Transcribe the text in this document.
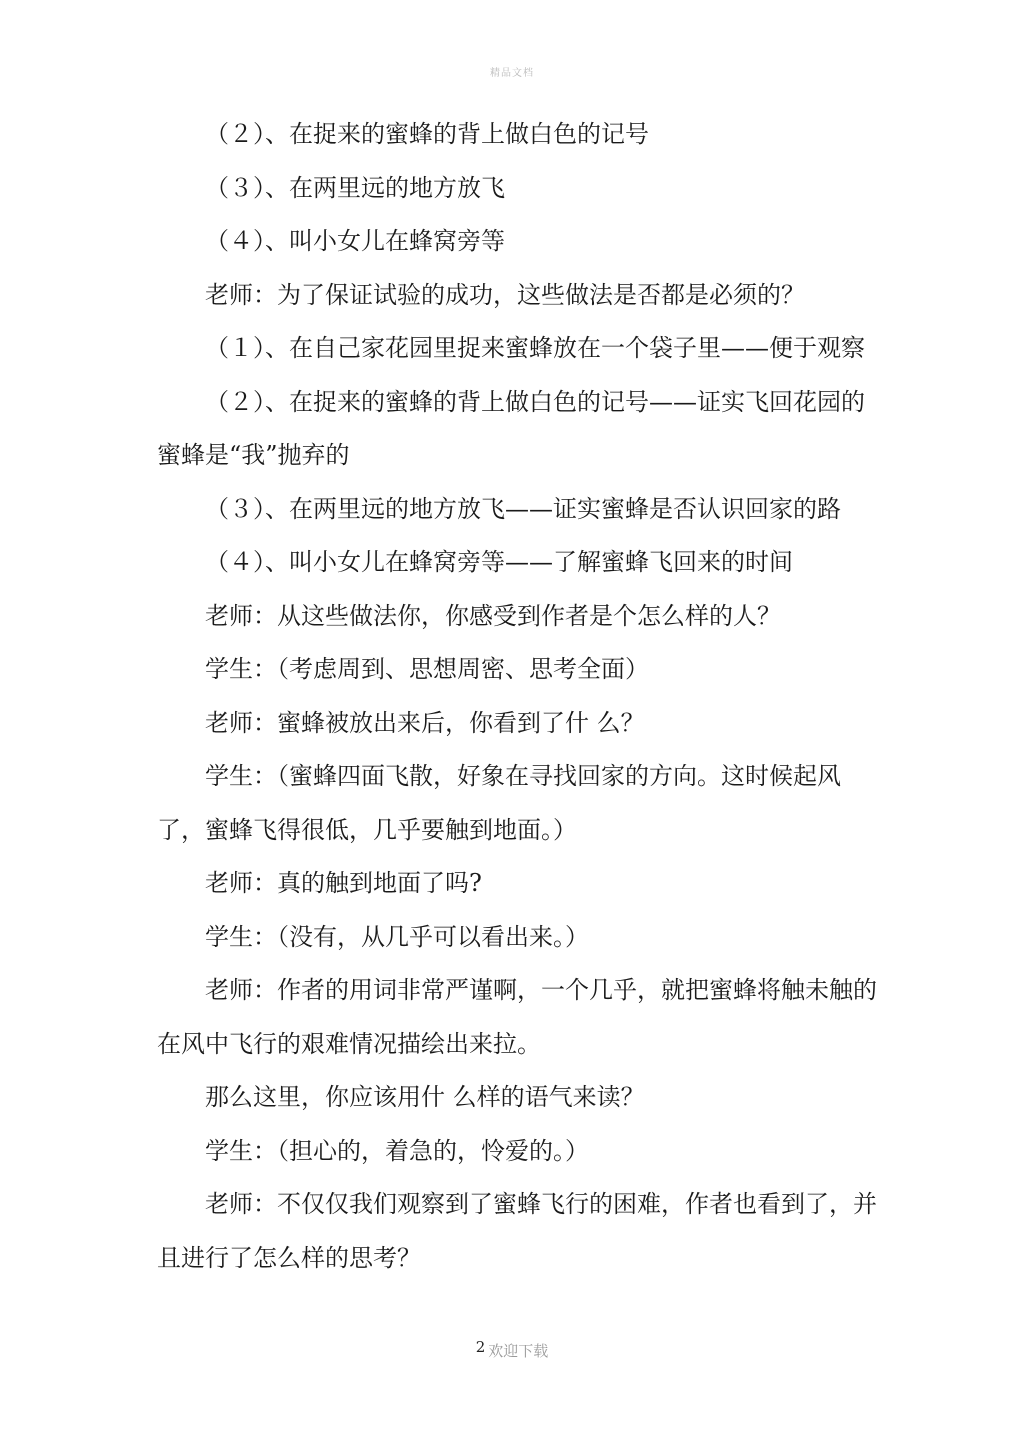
精品文档

（２）、在捉来的蜜蜂的背上做白色的记号

（３）、在两里远的地方放飞

（４）、叫小女儿在蜂窝旁等

老师：为了保证试验的成功，这些做法是否都是必须的？

（１）、在自己家花园里捉来蜜蜂放在一个袋子里——便于观察

（２）、在捉来的蜜蜂的背上做白色的记号——证实飞回花园的蜜蜂是“我”抛弃的

（３）、在两里远的地方放飞——证实蜜蜂是否认识回家的路

（４）、叫小女儿在蜂窝旁等——了解蜜蜂飞回来的时间

老师：从这些做法你，你感受到作者是个怎么样的人？

学生：（考虑周到、思想周密、思考全面）

老师：蜜蜂被放出来后，你看到了什 么？

学生：（蜜蜂四面飞散，好象在寻找回家的方向。这时候起风了，蜜蜂飞得很低，几乎要触到地面。）

老师：真的触到地面了吗?

学生：（没有，从几乎可以看出来。）

老师：作者的用词非常严谨啊，一个几乎，就把蜜蜂将触未触的在风中飞行的艰难情况描绘出来拉。

那么这里，你应该用什 么样的语气来读？

学生：（担心的，着急的，怜爱的。）

老师：不仅仅我们观察到了蜜蜂飞行的困难，作者也看到了，并且进行了怎么样的思考？

2 欢迎下载
